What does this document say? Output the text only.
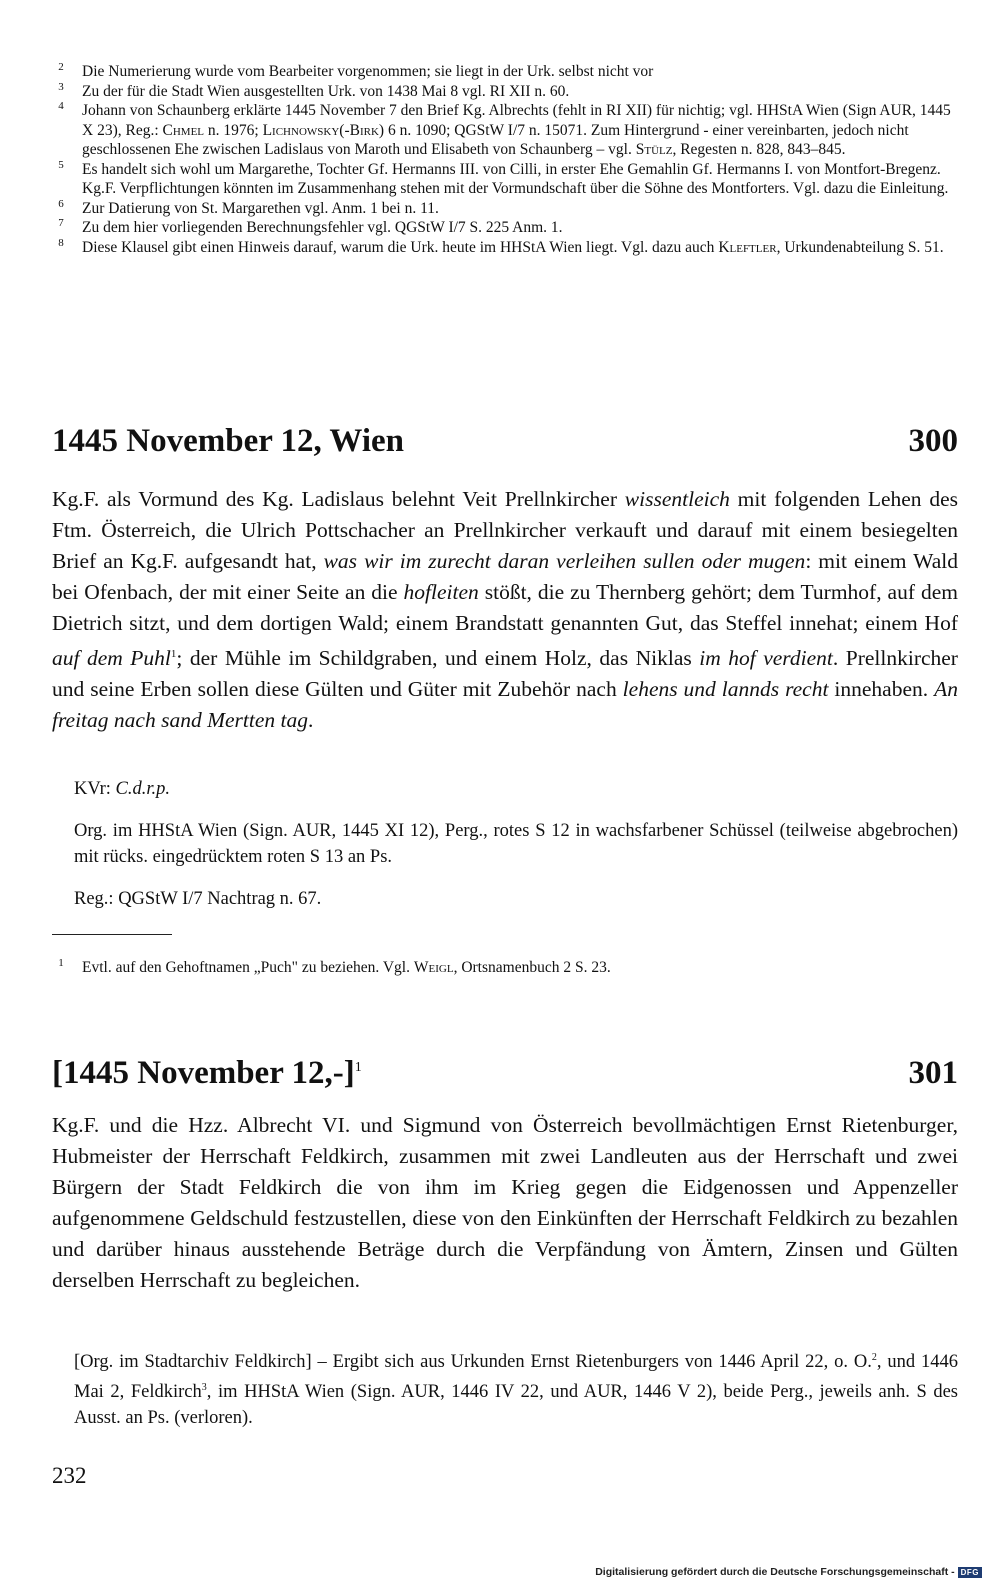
2 Die Numerierung wurde vom Bearbeiter vorgenommen; sie liegt in der Urk. selbst nicht vor
3 Zu der für die Stadt Wien ausgestellten Urk. von 1438 Mai 8 vgl. RI XII n. 60.
4 Johann von Schaunberg erklärte 1445 November 7 den Brief Kg. Albrechts (fehlt in RI XII) für nichtig; vgl. HHStA Wien (Sign AUR, 1445 X 23), Reg.: Chmel n. 1976; Lichnowsky(-Birk) 6 n. 1090; QGStW I/7 n. 15071. Zum Hintergrund - einer vereinbarten, jedoch nicht geschlossenen Ehe zwischen Ladislaus von Maroth und Elisabeth von Schaunberg – vgl. Stülz, Regesten n. 828, 843–845.
5 Es handelt sich wohl um Margarethe, Tochter Gf. Hermanns III. von Cilli, in erster Ehe Gemahlin Gf. Hermanns I. von Montfort-Bregenz. Kg.F. Verpflichtungen könnten im Zusammenhang stehen mit der Vormundschaft über die Söhne des Montforters. Vgl. dazu die Einleitung.
6 Zur Datierung von St. Margarethen vgl. Anm. 1 bei n. 11.
7 Zu dem hier vorliegenden Berechnungsfehler vgl. QGStW I/7 S. 225 Anm. 1.
8 Diese Klausel gibt einen Hinweis darauf, warum die Urk. heute im HHStA Wien liegt. Vgl. dazu auch Kleftler, Urkundenabteilung S. 51.
1445 November 12, Wien	300
Kg.F. als Vormund des Kg. Ladislaus belehnt Veit Prellnkircher wissentleich mit folgenden Lehen des Ftm. Österreich, die Ulrich Pottschacher an Prellnkircher verkauft und darauf mit einem besiegelten Brief an Kg.F. aufgesandt hat, was wir im zurecht daran verleihen sullen oder mugen: mit einem Wald bei Ofenbach, der mit einer Seite an die hofleiten stößt, die zu Thernberg gehört; dem Turmhof, auf dem Dietrich sitzt, und dem dortigen Wald; einem Brandstatt genannten Gut, das Steffel innehat; einem Hof auf dem Puhl$^1$; der Mühle im Schildgraben, und einem Holz, das Niklas im hof verdient. Prellnkircher und seine Erben sollen diese Gülten und Güter mit Zubehör nach lehens und lannds recht innehaben. An freitag nach sand Mertten tag.
KVr: C.d.r.p.
Org. im HHStA Wien (Sign. AUR, 1445 XI 12), Perg., rotes S 12 in wachsfarbener Schüssel (teilweise abgebrochen) mit rücks. eingedrücktem roten S 13 an Ps.
Reg.: QGStW I/7 Nachtrag n. 67.
1 Evtl. auf den Gehoftnamen „Puch" zu beziehen. Vgl. Weigl, Ortsnamenbuch 2 S. 23.
[1445 November 12,-]$^1$	301
Kg.F. und die Hzz. Albrecht VI. und Sigmund von Österreich bevollmächtigen Ernst Rietenburger, Hubmeister der Herrschaft Feldkirch, zusammen mit zwei Landleuten aus der Herrschaft und zwei Bürgern der Stadt Feldkirch die von ihm im Krieg gegen die Eidgenossen und Appenzeller aufgenommene Geldschuld festzustellen, diese von den Einkünften der Herrschaft Feldkirch zu bezahlen und darüber hinaus ausstehende Beträge durch die Verpfändung von Ämtern, Zinsen und Gülten derselben Herrschaft zu begleichen.
[Org. im Stadtarchiv Feldkirch] – Ergibt sich aus Urkunden Ernst Rietenburgers von 1446 April 22, o. O.$^2$, und 1446 Mai 2, Feldkirch$^3$, im HHStA Wien (Sign. AUR, 1446 IV 22, und AUR, 1446 V 2), beide Perg., jeweils anh. S des Ausst. an Ps. (verloren).
232
Digitalisierung gefördert durch die Deutsche Forschungsgemeinschaft - DFG
